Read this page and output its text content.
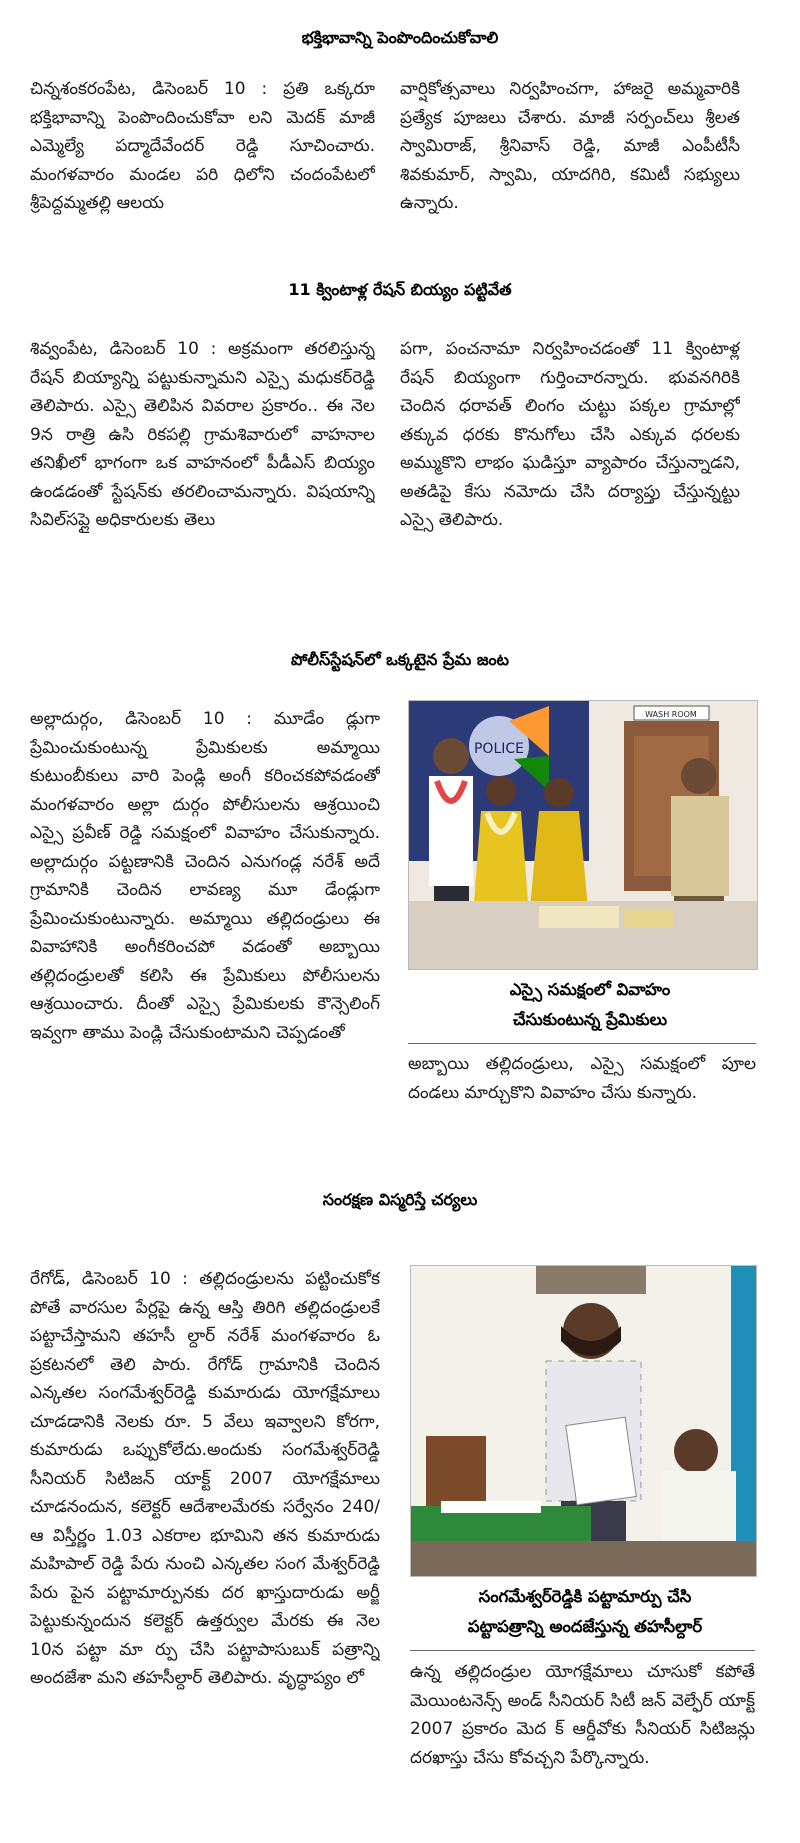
భక్తిభావాన్ని పెంపొందించుకోవాలి

చిన్నశంకరంపేట, డిసెంబర్ 10 : ప్రతి ఒక్కరూ భక్తిభావాన్ని పెంపొందించుకోవా లని మెదక్ మాజీ ఎమ్మెల్యే పద్మాదేవేందర్ రెడ్డి సూచించారు. మంగళవారం మండల పరి ధిలోని చందంపేటలో శ్రీపెద్దమ్మతల్లి ఆలయ

వార్షికోత్సవాలు నిర్వహించగా, హాజరై అమ్మవారికి ప్రత్యేక పూజలు చేశారు. మాజీ సర్పంచ్‌లు శ్రీలత స్వామిరాజ్, శ్రీనివాస్ రెడ్డి, మాజీ ఎంపీటీసీ శివకుమార్, స్వామి, యాదగిరి, కమిటీ సభ్యులు ఉన్నారు.

11 క్వింటాళ్ల రేషన్ బియ్యం పట్టివేత

శివ్వంపేట, డిసెంబర్ 10 : అక్రమంగా తరలిస్తున్న రేషన్ బియ్యాన్ని పట్టుకున్నామని ఎస్సై మధుకర్‌రెడ్డి తెలిపారు. ఎస్సై తెలిపిన వివరాల ప్రకారం.. ఈ నెల 9న రాత్రి ఉసి రికపల్లి గ్రామశివారులో వాహనాల తనిఖీలో భాగంగా ఒక వాహనంలో పీడీఎస్ బియ్యం ఉండడంతో స్టేషన్‌కు తరలించామన్నారు. విషయాన్ని సివిల్‌సప్లై అధికారులకు తెలు

పగా, పంచనామా నిర్వహించడంతో 11 క్వింటాళ్ల రేషన్ బియ్యంగా గుర్తించారన్నారు. భువనగిరికి చెందిన ధరావత్ లింగం చుట్టు పక్కల గ్రామాల్లో తక్కువ ధరకు కొనుగోలు చేసి ఎక్కువ ధరలకు అమ్ముకొని లాభం ఘడిస్తూ వ్యాపారం చేస్తున్నాడని, అతడిపై కేసు నమోదు చేసి దర్యాప్తు చేస్తున్నట్టు ఎస్సై తెలిపారు.

పోలీస్‌స్టేషన్‌లో ఒక్కటైన ప్రేమ జంట

అల్లాదుర్గం, డిసెంబర్ 10 : మూడేం డ్లుగా ప్రేమించుకుంటున్న ప్రేమికులకు అమ్మాయి కుటుంబీకులు వారి పెండ్లి అంగీ కరించకపోవడంతో మంగళవారం అల్లా దుర్గం పోలీసులను ఆశ్రయించి ఎస్సై ప్రవీణ్ రెడ్డి సమక్షంలో వివాహం చేసుకున్నారు. అల్లాదుర్గం పట్టణానికి చెందిన ఎనుగండ్ల నరేశ్ అదే గ్రామానికి చెందిన లావణ్య మూ డేండ్లుగా ప్రేమించుకుంటున్నారు. అమ్మాయి తల్లిదండ్రులు ఈ వివాహానికి అంగీకరించపో వడంతో అబ్బాయి తల్లిదండ్రులతో కలిసి ఈ ప్రేమికులు పోలీసులను ఆశ్రయించారు. దీంతో ఎస్సై ప్రేమికులకు కౌన్సెలింగ్ ఇవ్వగా తాము పెండ్లి చేసుకుంటామని చెప్పడంతో

POLICE
WASH ROOM
ఎస్సై సమక్షంలో వివాహం చేసుకుంటున్న ప్రేమికులు

అబ్బాయి తల్లిదండ్రులు, ఎస్సై సమక్షంలో పూల దండలు మార్చుకొని వివాహం చేసు కున్నారు.

సంరక్షణ విస్మరిస్తే చర్యలు

రేగోడ్, డిసెంబర్ 10 : తల్లిదండ్రులను పట్టించుకోక పోతే వారసుల పేర్లపై ఉన్న ఆస్తి తిరిగి తల్లిదండ్రులకే పట్టాచేస్తామని తహసీ ల్దార్ నరేశ్ మంగళవారం ఓ ప్రకటనలో తెలి పారు. రేగోడ్ గ్రామానికి చెందిన ఎన్కతల సంగమేశ్వర్‌రెడ్డి కుమారుడు యోగక్షేమాలు చూడడానికి నెలకు రూ. 5 వేలు ఇవ్వాలని కోరగా, కుమారుడు ఒప్పుకోలేదు.అందుకు సంగమేశ్వర్‌రెడ్డి సీనియర్ సిటిజన్ యాక్ట్ 2007 యోగక్షేమాలు చూడనందున, కలెక్టర్ ఆదేశాలమేరకు సర్వేనం 240/ఆ విస్తీర్ణం 1.03 ఎకరాల భూమిని తన కుమారుడు మహిపాల్ రెడ్డి పేరు నుంచి ఎన్కతల సంగ మేశ్వర్‌రెడ్డి పేరు పైన పట్టామార్పునకు దర ఖాస్తుదారుడు అర్జీ పెట్టుకున్నందున కలెక్టర్ ఉత్తర్వుల మేరకు ఈ నెల 10న పట్టా మా ర్పు చేసి పట్టాపాసుబుక్ పత్రాన్ని అందజేశా మని తహసీల్దార్ తెలిపారు. వృద్ధాప్యం లో

సంగమేశ్వర్‌రెడ్డికి పట్టామార్పు చేసి పట్టాపత్రాన్ని అందజేస్తున్న తహసీల్దార్

ఉన్న తల్లిదండ్రుల యోగక్షేమాలు చూసుకో కపోతే మెయింటనెన్స్ అండ్ సీనియర్ సిటీ జన్ వెల్ఫేర్ యాక్ట్ 2007 ప్రకారం మెద క్ ఆర్డీవోకు సీనియర్ సిటిజన్లు దరఖాస్తు చేసు కోవచ్చని పేర్కొన్నారు.
